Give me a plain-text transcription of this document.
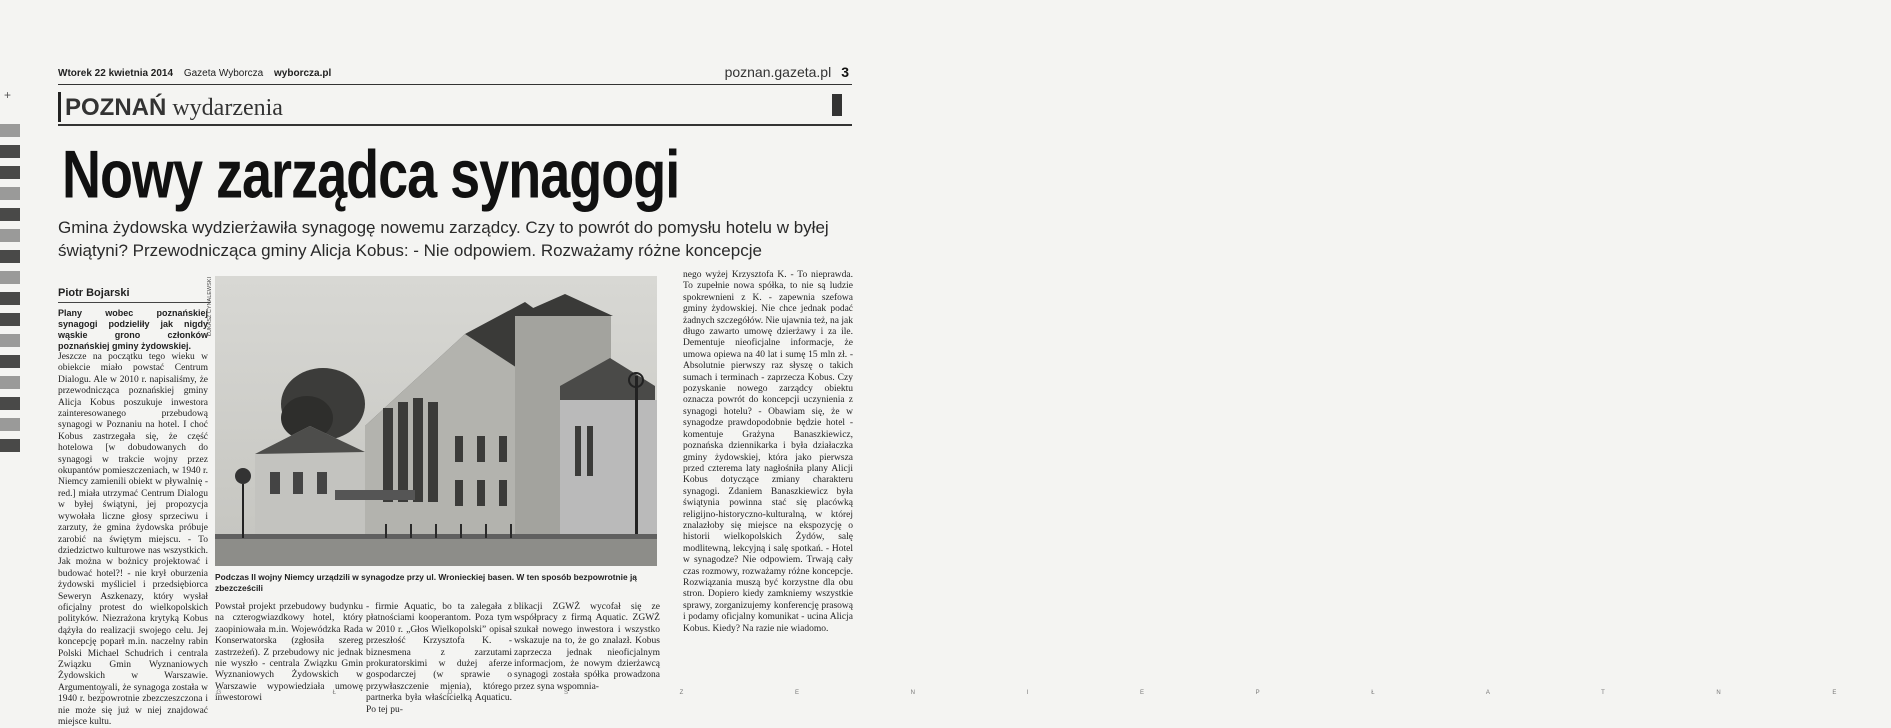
+
Wtorek 22 kwietnia 2014 Gazeta Wyborcza wyborcza.pl	poznan.gazeta.pl 3
POZNAŃ wydarzenia
Nowy zarządca synagogi
Gmina żydowska wydzierżawiła synagogę nowemu zarządcy. Czy to powrót do pomysłu hotelu w byłej świątyni? Przewodnicząca gminy Alicja Kobus: - Nie odpowiem. Rozważamy różne koncepcje
Piotr Bojarski
Plany wobec poznańskiej synagogi podzieliły jak nigdy wąskie grono członków poznańskiej gminy żydowskiej.
Jeszcze na początku tego wieku w obiekcie miało powstać Centrum Dialogu. Ale w 2010 r. napisaliśmy, że przewodnicząca poznańskiej gminy Alicja Kobus poszukuje inwestora zainteresowanego przebudową synagogi w Poznaniu na hotel. I choć Kobus zastrzegała się, że część hotelowa [w dobudowanych do synagogi w trakcie wojny przez okupantów pomieszczeniach, w 1940 r. Niemcy zamienili obiekt w pływalnię - red.] miała utrzymać Centrum Dialogu w byłej świątyni, jej propozycja wywołała liczne głosy sprzeciwu i zarzuty, że gmina żydowska próbuje zarobić na świętym miejscu. - To dziedzictwo kulturowe nas wszystkich. Jak można w bożnicy projektować i budować hotel?! - nie krył oburzenia żydowski myśliciel i przedsiębiorca Seweryn Aszkenazy, który wysłał oficjalny protest do wielkopolskich polityków. Niezrażona krytyką Kobus dążyła do realizacji swojego celu. Jej koncepcję poparł m.in. naczelny rabin Polski Michael Schudrich i centrala Związku Gmin Wyznaniowych Żydowskich w Warszawie. Argumentowali, że synagoga została w 1940 r. bezpowrotnie zbezczeszczona i nie może się już w niej znajdować miejsce kultu.
ŁUKASZ CYNALEWSKI
Podczas II wojny Niemcy urządzili w synagodze przy ul. Wronieckiej basen. W ten sposób bezpowrotnie ją zbezcześcili
Powstał projekt przebudowy budynku na czterogwiazdkowy hotel, który zaopiniowała m.in. Wojewódzka Rada Konserwatorska (zgłosiła szereg zastrzeżeń). Z przebudowy nic jednak nie wyszło - centrala Związku Gmin Wyznaniowych Żydowskich w Warszawie wypowiedziała umowę inwestorowi
- firmie Aquatic, bo ta zalegała z płatnościami kooperantom. Poza tym w 2010 r. „Głos Wielkopolski” opisał przeszłość Krzysztofa K. - biznesmena z zarzutami prokuratorskimi w dużej aferze gospodarczej (w sprawie o przywłaszczenie mienia), którego partnerka była właścicielką Aquaticu. Po tej pu-
blikacji ZGWŻ wycofał się ze współpracy z firmą Aquatic. ZGWŻ szukał nowego inwestora i wszystko wskazuje na to, że go znalazł. Kobus zaprzecza jednak nieoficjalnym informacjom, że nowym dzierżawcą synagogi została spółka prowadzona przez syna wspomnia-
nego wyżej Krzysztofa K. - To nieprawda. To zupełnie nowa spółka, to nie są ludzie spokrewnieni z K. - zapewnia szefowa gminy żydowskiej. Nie chce jednak podać żadnych szczegółów. Nie ujawnia też, na jak długo zawarto umowę dzierżawy i za ile. Dementuje nieoficjalne informacje, że umowa opiewa na 40 lat i sumę 15 mln zł. - Absolutnie pierwszy raz słyszę o takich sumach i terminach - zaprzecza Kobus. Czy pozyskanie nowego zarządcy obiektu oznacza powrót do koncepcji uczynienia z synagogi hotelu? - Obawiam się, że w synagodze prawdopodobnie będzie hotel - komentuje Grażyna Banaszkiewicz, poznańska dziennikarka i była działaczka gminy żydowskiej, która jako pierwsza przed czterema laty nagłośniła plany Alicji Kobus dotyczące zmiany charakteru synagogi. Zdaniem Banaszkiewicz była świątynia powinna stać się placówką religijno-historyczno-kulturalną, w której znalazłoby się miejsce na ekspozycję o historii wielkopolskich Żydów, salę modlitewną, lekcyjną i salę spotkań. - Hotel w synagodze? Nie odpowiem. Trwają cały czas rozmowy, rozważamy różne koncepcje. Rozwiązania muszą być korzystne dla obu stron. Dopiero kiedy zamkniemy wszystkie sprawy, zorganizujemy konferencję prasową i podamy oficjalny komunikat - ucina Alicja Kobus. Kiedy? Na razie nie wiadomo.
O G Ł O S Z E N I E P Ł A T N E
